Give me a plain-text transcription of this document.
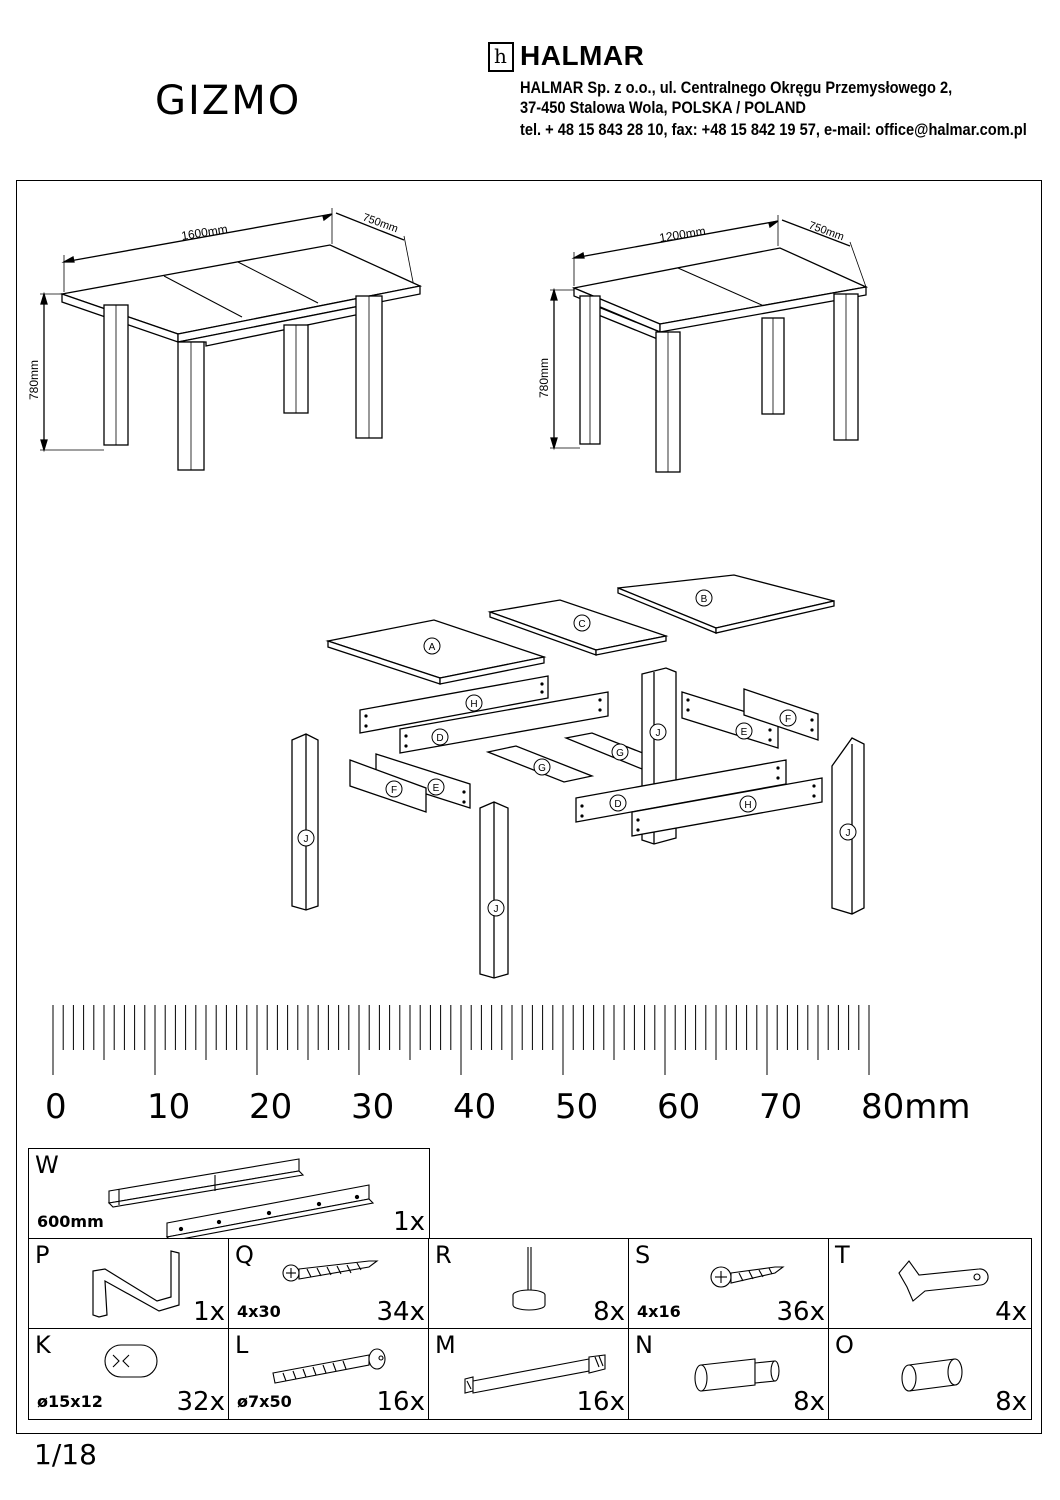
GIZMO
h HALMAR
HALMAR Sp. z o.o., ul. Centralnego Okręgu Przemysłowego 2,
37-450 Stalowa Wola, POLSKA / POLAND
tel. + 48 15 843 28 10, fax: +48 15 842 19 57, e-mail: office@halmar.com.pl
1600mm	750mm
780mm
1200mm	750mm
780mm
A
B
C
D
D
E
E
F
F
G
G
H
H
J
J
J
J
0 10 20 30 40 50 60 70 80mm
W
600mm	1x
P
1x
Q
4x30	34x
R
8x
S
4x16	36x
T
4x
K
ø15x12	32x
L
ø7x50	16x
M
16x
N
8x
O
8x
1/18
